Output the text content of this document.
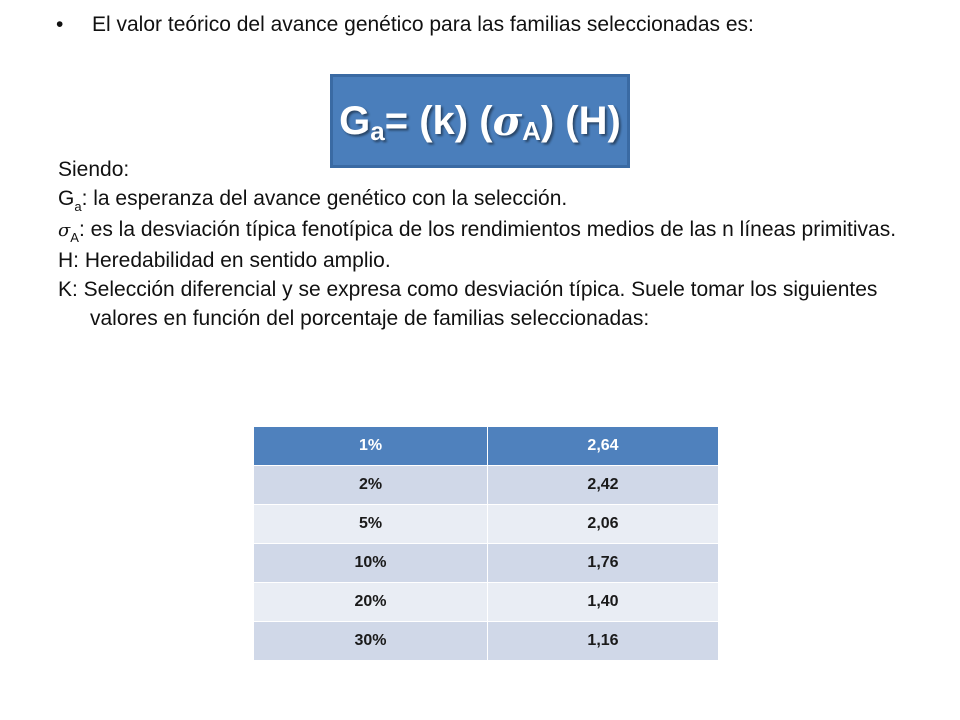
• El valor teórico del avance genético para las familias seleccionadas es:
G a = (k) ( σ A ) (H)

Siendo:

$G_a$: la esperanza del avance genético con la selección.

$\sigma_A$: es la desviación típica fenotípica de los rendimientos medios de las n líneas primitivas.

H: Heredabilidad en sentido amplio.

K: Selección diferencial y se expresa como desviación típica. Suele tomar los siguientes valores en función del porcentaje de familias seleccionadas:

1%	2,64
2%	2,42
5%	2,06
10%	1,76
20%	1,40
30%	1,16
